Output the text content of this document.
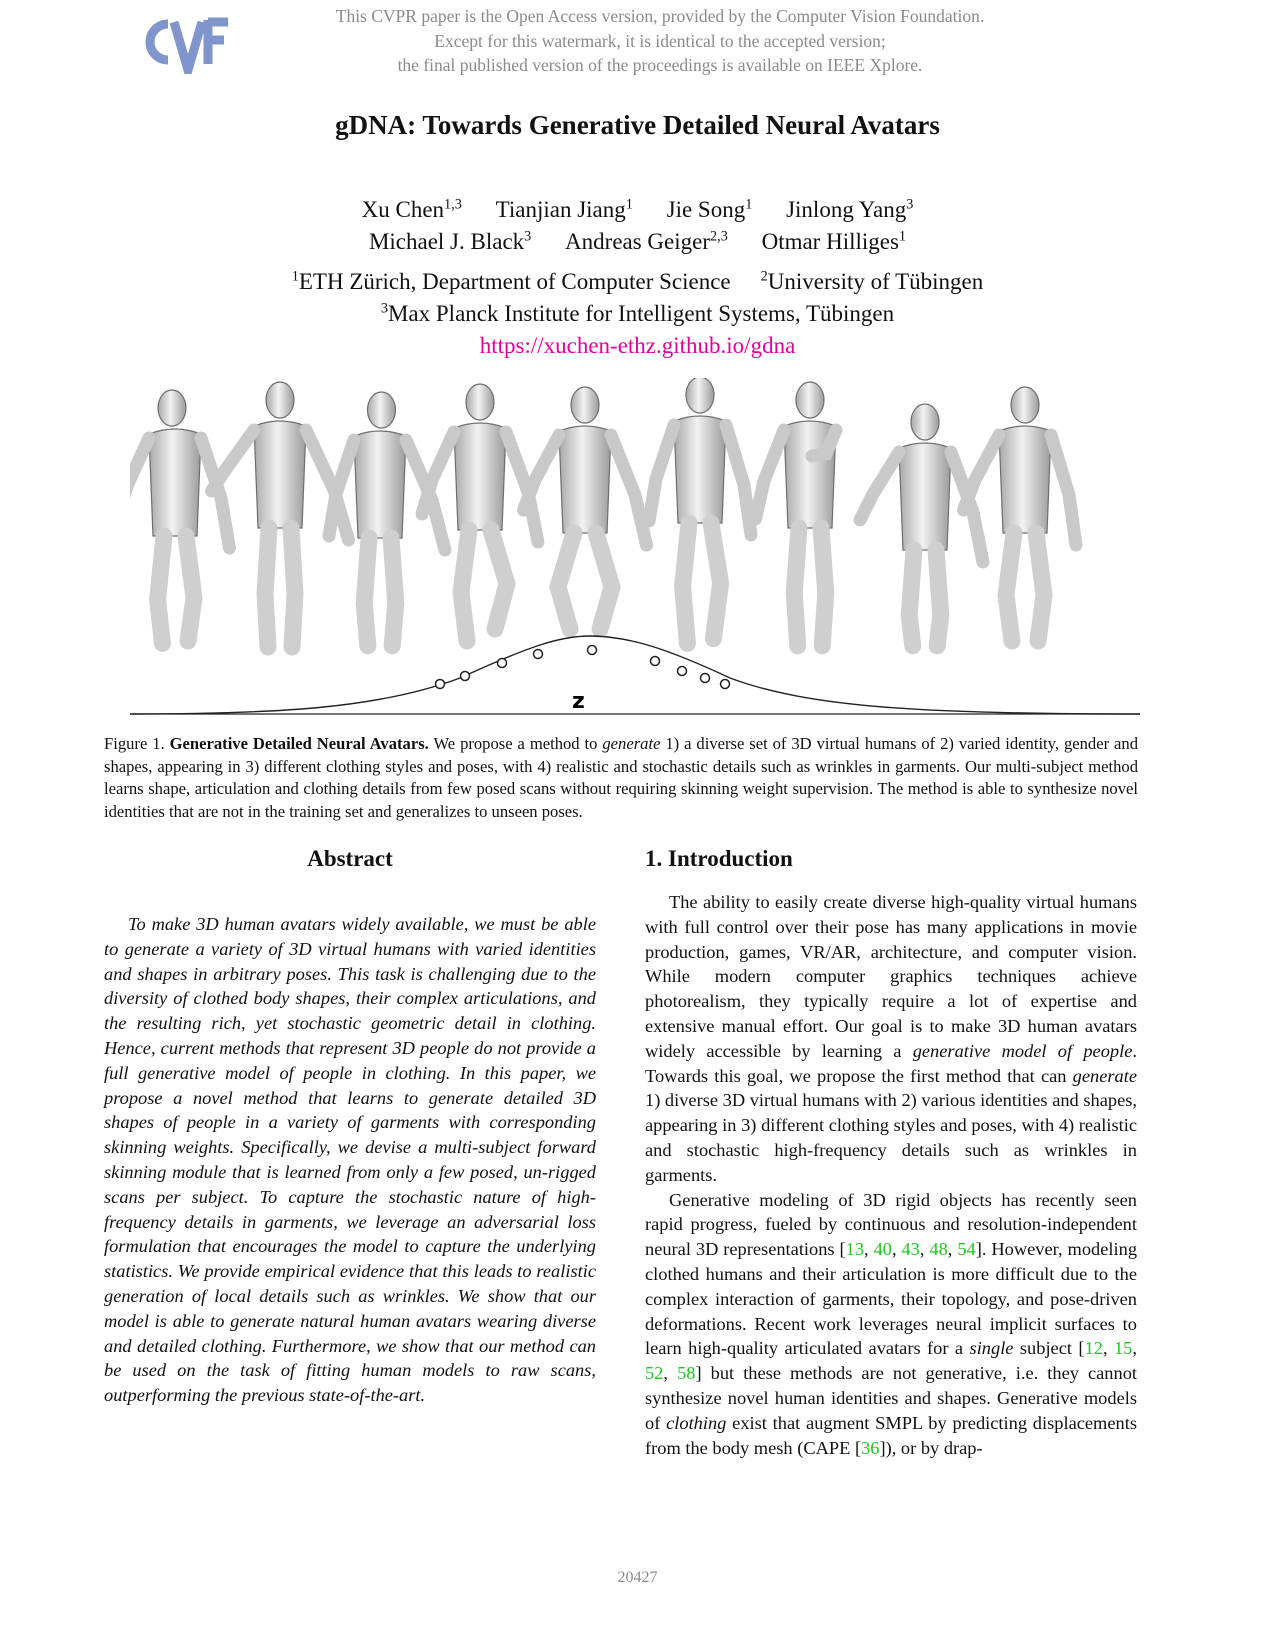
CVF	This CVPR paper is the Open Access version, provided by the Computer Vision Foundation.
Except for this watermark, it is identical to the accepted version;
the final published version of the proceedings is available on IEEE Xplore.
gDNA: Towards Generative Detailed Neural Avatars
Xu Chen$^{1,3}$ Tianjian Jiang$^1$ Jie Song$^1$ Jinlong Yang$^3$
Michael J. Black$^3$ Andreas Geiger$^{2,3}$ Otmar Hilliges$^1$
$^1$ETH Zürich, Department of Computer Science $^2$University of Tübingen
$^3$Max Planck Institute for Intelligent Systems, Tübingen
https://xuchen-ethz.github.io/gdna
z
Figure 1. Generative Detailed Neural Avatars. We propose a method to generate 1) a diverse set of 3D virtual humans of 2) varied identity, gender and shapes, appearing in 3) different clothing styles and poses, with 4) realistic and stochastic details such as wrinkles in garments. Our multi-subject method learns shape, articulation and clothing details from few posed scans without requiring skinning weight supervision. The method is able to synthesize novel identities that are not in the training set and generalizes to unseen poses.
Abstract

To make 3D human avatars widely available, we must be able to generate a variety of 3D virtual humans with varied identities and shapes in arbitrary poses. This task is challenging due to the diversity of clothed body shapes, their complex articulations, and the resulting rich, yet stochastic geometric detail in clothing. Hence, current methods that represent 3D people do not provide a full generative model of people in clothing. In this paper, we propose a novel method that learns to generate detailed 3D shapes of people in a variety of garments with corresponding skinning weights. Specifically, we devise a multi-subject forward skinning module that is learned from only a few posed, un-rigged scans per subject. To capture the stochastic nature of high-frequency details in garments, we leverage an adversarial loss formulation that encourages the model to capture the underlying statistics. We provide empirical evidence that this leads to realistic generation of local details such as wrinkles. We show that our model is able to generate natural human avatars wearing diverse and detailed clothing. Furthermore, we show that our method can be used on the task of fitting human models to raw scans, outperforming the previous state-of-the-art.

1. Introduction

The ability to easily create diverse high-quality virtual humans with full control over their pose has many applications in movie production, games, VR/AR, architecture, and computer vision. While modern computer graphics techniques achieve photorealism, they typically require a lot of expertise and extensive manual effort. Our goal is to make 3D human avatars widely accessible by learning a generative model of people. Towards this goal, we propose the first method that can generate 1) diverse 3D virtual humans with 2) various identities and shapes, appearing in 3) different clothing styles and poses, with 4) realistic and stochastic high-frequency details such as wrinkles in garments.

Generative modeling of 3D rigid objects has recently seen rapid progress, fueled by continuous and resolution-independent neural 3D representations [13, 40, 43, 48, 54]. However, modeling clothed humans and their articulation is more difficult due to the complex interaction of garments, their topology, and pose-driven deformations. Recent work leverages neural implicit surfaces to learn high-quality articulated avatars for a single subject [12, 15, 52, 58] but these methods are not generative, i.e. they cannot synthesize novel human identities and shapes. Generative models of clothing exist that augment SMPL by predicting displacements from the body mesh (CAPE [36]), or by drap-

20427
